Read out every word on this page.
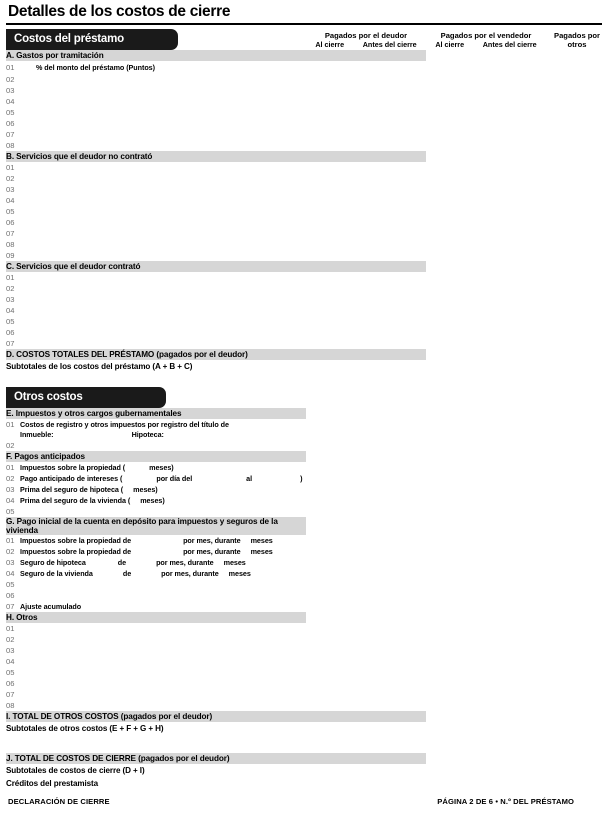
Detalles de los costos de cierre
Costos del préstamo	Pagados por el deudor
Al cierre	Antes del cierre

Pagados por el vendedor
Al cierre	Antes del cierre

Pagados por otros

A. Gastos por tramitación					
01 % del monto del préstamo (Puntos)					
02					
03					
04					
05					
06					
07					
08					
B. Servicios que el deudor no contrató					
01					
02					
03					
04					
05					
06					
07					
08					
09					
C. Servicios que el deudor contrató					
01					
02					
03					
04					
05					
06					
07					
D. COSTOS TOTALES DEL PRÉSTAMO (pagados por el deudor)					
Subtotales de los costos del préstamo (A + B + C)					
Otros costos					

E. Impuestos y otros cargos gubernamentales					

01 Costos de registro y otros impuestos por registro del título de
Inmueble: Hipoteca:					

02					
F. Pagos anticipados					
01 Impuestos sobre la propiedad ( meses)					
02 Pago anticipado de intereses ( por día del al )					
03 Prima del seguro de hipoteca ( meses)					
04 Prima del seguro de la vivienda ( meses)					
05					
G. Pago inicial de la cuenta en depósito para impuestos y seguros de la vivienda					
01 Impuestos sobre la propiedad de por mes, durante meses					
02 Impuestos sobre la propiedad de por mes, durante meses					
03 Seguro de hipoteca de por mes, durante meses					
04 Seguro de la vivienda de por mes, durante meses					
05					
06					
07 Ajuste acumulado					
H. Otros					
01					
02					
03					
04					
05					
06					
07					
08					
I. TOTAL DE OTROS COSTOS (pagados por el deudor)					
Subtotales de otros costos (E + F + G + H)					
J. TOTAL DE COSTOS DE CIERRE (pagados por el deudor)					
Subtotales de costos de cierre (D + I)					
Créditos del prestamista					
DECLARACIÓN DE CIERRE	PÁGINA 2 DE 6 • N.º DEL PRÉSTAMO
